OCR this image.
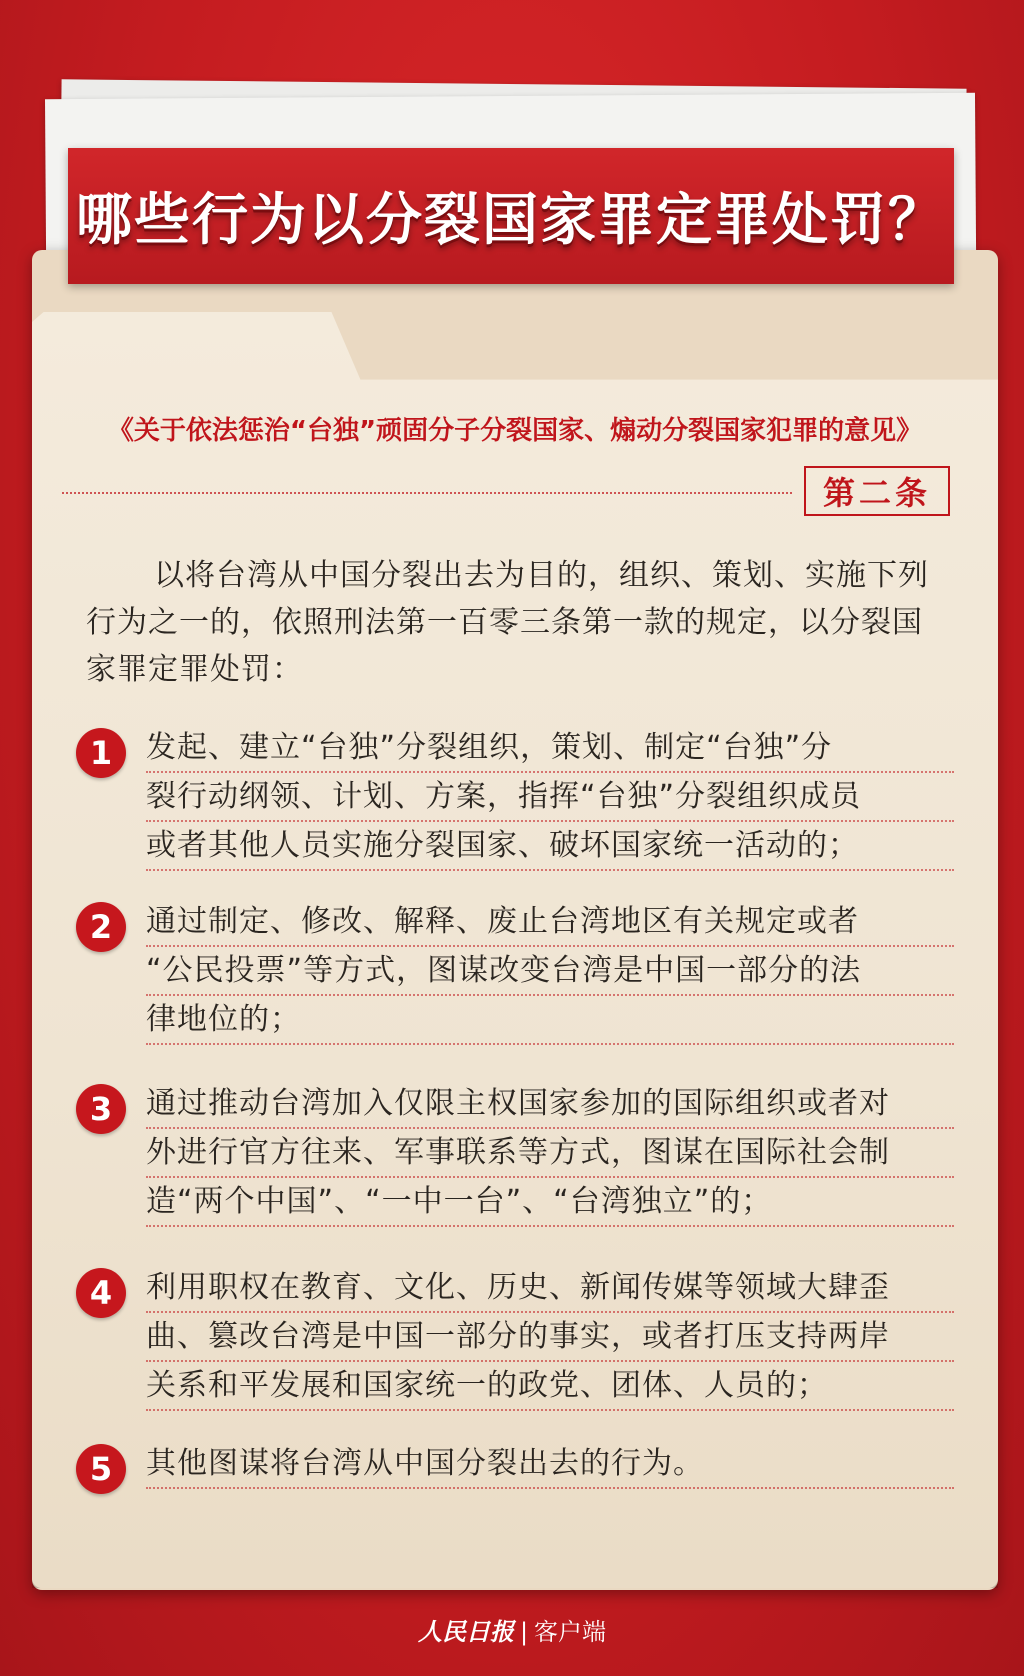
哪些行为以分裂国家罪定罪处罚？
《关于依法惩治“台独”顽固分子分裂国家、煽动分裂国家犯罪的意见》
第二条
以将台湾从中国分裂出去为目的，组织、策划、实施下列行为之一的，依照刑法第一百零三条第一款的规定，以分裂国家罪定罪处罚：
1	发起、建立“台独”分裂组织，策划、制定“台独”分
裂行动纲领、计划、方案，指挥“台独”分裂组织成员
或者其他人员实施分裂国家、破坏国家统一活动的；
2	通过制定、修改、解释、废止台湾地区有关规定或者
“公民投票”等方式，图谋改变台湾是中国一部分的法
律地位的；
3	通过推动台湾加入仅限主权国家参加的国际组织或者对
外进行官方往来、军事联系等方式，图谋在国际社会制
造“两个中国”、“一中一台”、“台湾独立”的；
4	利用职权在教育、文化、历史、新闻传媒等领域大肆歪
曲、篡改台湾是中国一部分的事实，或者打压支持两岸
关系和平发展和国家统一的政党、团体、人员的；
5	其他图谋将台湾从中国分裂出去的行为。
人民日报 | 客户端
